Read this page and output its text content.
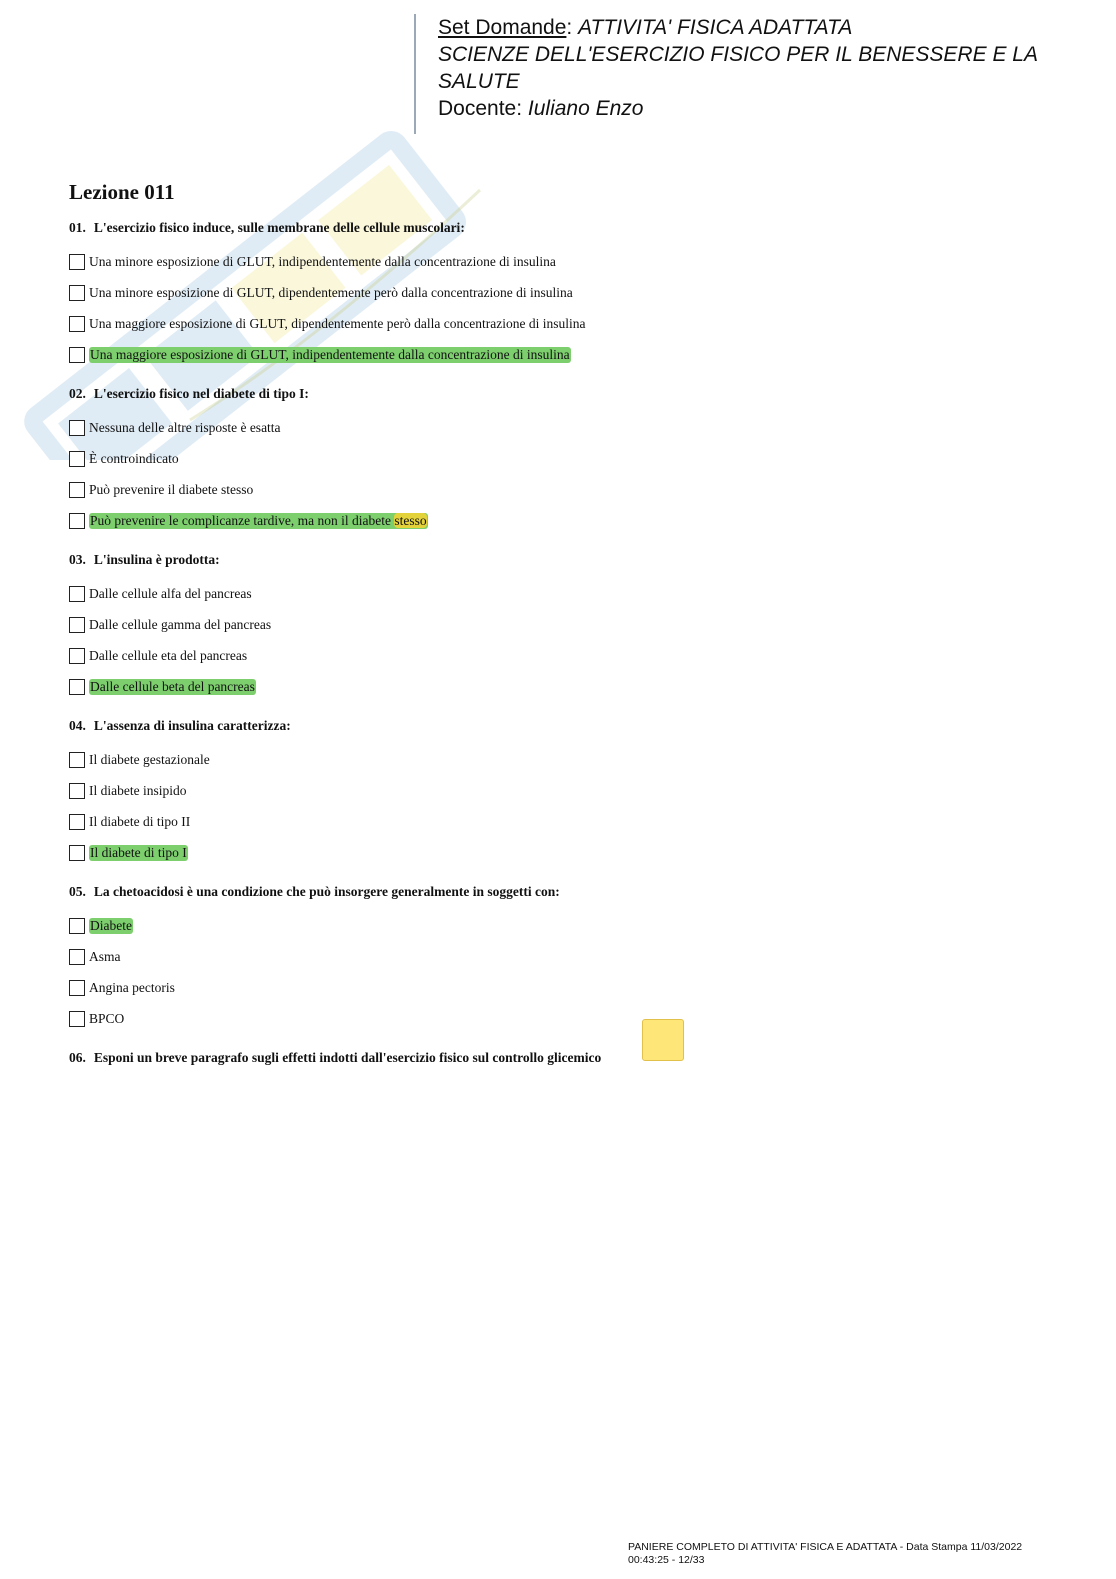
Set Domande: ATTIVITA' FISICA ADATTATA
SCIENZE DELL'ESERCIZIO FISICO PER IL BENESSERE E LA SALUTE
Docente: Iuliano Enzo
Lezione 011
01. L'esercizio fisico induce, sulle membrane delle cellule muscolari:
Una minore esposizione di GLUT, indipendentemente dalla concentrazione di insulina
Una minore esposizione di GLUT, dipendentemente però dalla concentrazione di insulina
Una maggiore esposizione di GLUT, dipendentemente però dalla concentrazione di insulina
Una maggiore esposizione di GLUT, indipendentemente dalla concentrazione di insulina
02. L'esercizio fisico nel diabete di tipo I:
Nessuna delle altre risposte è esatta
È controindicato
Può prevenire il diabete stesso
Può prevenire le complicanze tardive, ma non il diabete stesso
03. L'insulina è prodotta:
Dalle cellule alfa del pancreas
Dalle cellule gamma del pancreas
Dalle cellule eta del pancreas
Dalle cellule beta del pancreas
04. L'assenza di insulina caratterizza:
Il diabete gestazionale
Il diabete insipido
Il diabete di tipo II
Il diabete di tipo I
05. La chetoacidosi è una condizione che può insorgere generalmente in soggetti con:
Diabete
Asma
Angina pectoris
BPCO
06. Esponi un breve paragrafo sugli effetti indotti dall'esercizio fisico sul controllo glicemico
PANIERE COMPLETO DI ATTIVITA' FISICA E ADATTATA - Data Stampa 11/03/2022
00:43:25 - 12/33
